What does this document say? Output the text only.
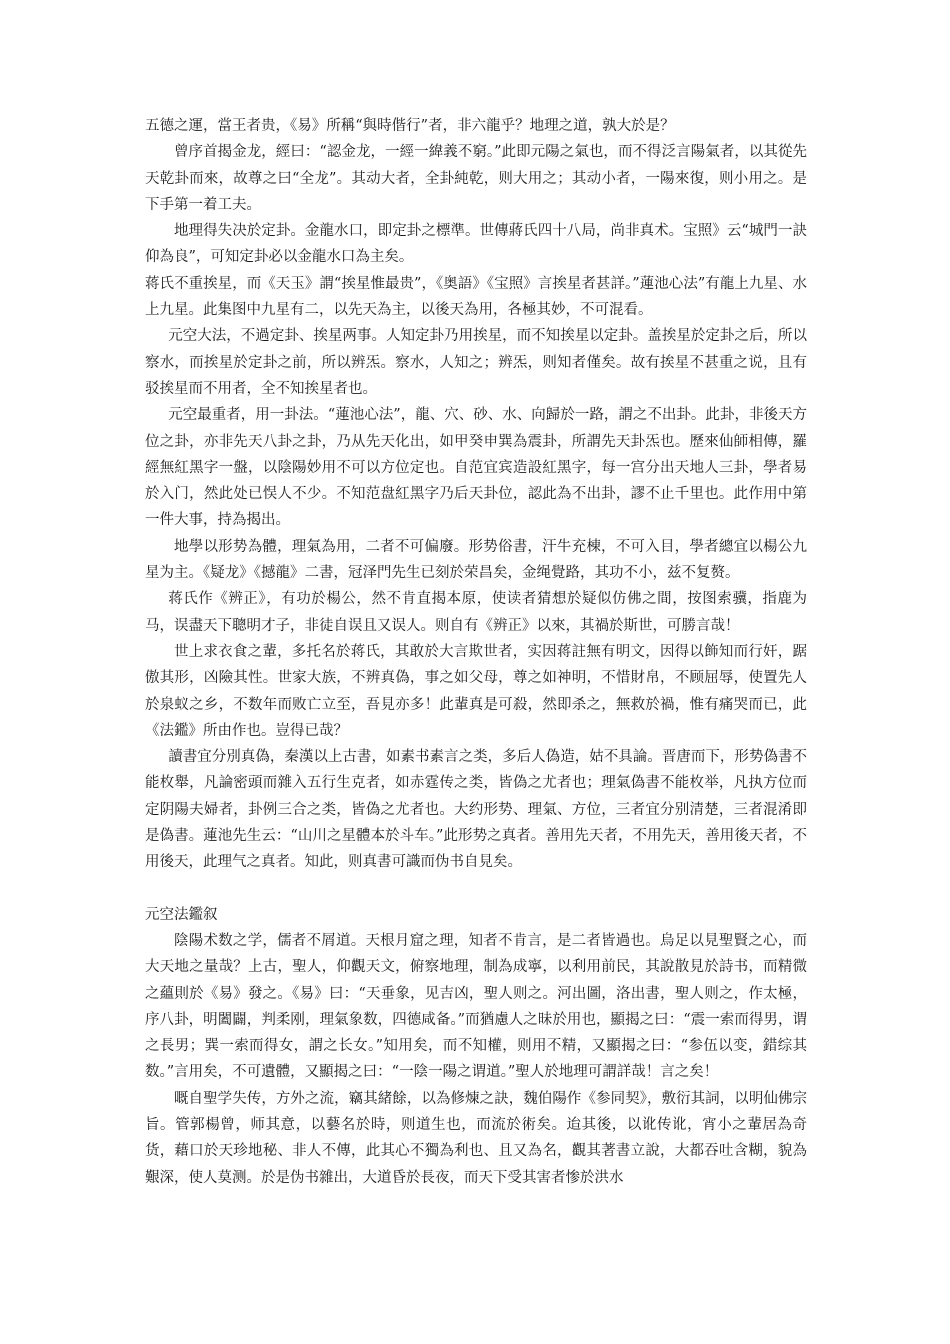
五德之運，當王者贵，《易》所稱“與時偕行”者，非六龍乎？地理之道，孰大於是？

曾序首揭金龙，經曰：“認金龙，一經一緯義不窮。”此即元陽之氣也，而不得泛言陽氣者，以其從先天乾卦而來，故尊之曰“全龙”。其动大者，全卦純乾，则大用之；其动小者，一陽來復，则小用之。是下手第一着工夫。

地理得失决於定卦。金龍水口，即定卦之標準。世傳蔣氏四十八局，尚非真术。宝照》云“城門一訣仰為良”，可知定卦必以金龍水口為主矣。

蒋氏不重挨星，而《天玉》謂“挨星惟最贵”，《奥語》《宝照》言挨星者甚詳。”蓮池心法”有龍上九星、水上九星。此集图中九星有二，以先天為主，以後天為用，各極其妙，不可混看。

元空大法，不過定卦、挨星两事。人知定卦乃用挨星，而不知挨星以定卦。盖挨星於定卦之后，所以察水，而挨星於定卦之前，所以辨炁。察水，人知之；辨炁，则知者僅矣。故有挨星不甚重之说，且有驳挨星而不用者，全不知挨星者也。

元空最重者，用一卦法。“蓮池心法”，龍、穴、砂、水、向歸於一路，謂之不出卦。此卦，非後天方位之卦，亦非先天八卦之卦，乃从先天化出，如甲癸申巽為震卦，所謂先天卦炁也。歷來仙師相傳，羅經無紅黑字一盤，以陰陽妙用不可以方位定也。自范宜宾造設紅黑字，每一宫分出天地人三卦，學者易於入门，然此处已悮人不少。不知范盘紅黑字乃后天卦位，認此為不出卦，謬不止千里也。此作用中第一件大事，持為揭出。

地學以形势為體，理氣為用，二者不可偏廢。形势俗書，汗牛充棟，不可入目，學者總宜以楊公九星为主。《疑龙》《撼龍》二書，冠泽門先生已刻於荣昌矣，金绳覺路，其功不小，兹不复赘。

蒋氏作《辨正》，有功於楊公，然不肯直揭本原，使读者猜想於疑似仿佛之間，按图索骥，指鹿为马，误盡天下聰明才子，非徒自误且又误人。则自有《辨正》以來，其禍於斯世，可勝言哉！

世上求衣食之輩，多托名於蒋氏，其敢於大言欺世者，实因蒋註無有明文，因得以飾知而行奸，踞傲其形，凶險其性。世家大族，不辨真偽，事之如父母，尊之如神明，不惜財帛，不顾屈辱，使置先人於泉蚁之乡，不数年而败亡立至，吾見亦多！此輩真是可殺，然即杀之，無救於禍，惟有痛哭而已，此《法鑑》所由作也。豈得已哉？

讀書宜分別真偽，秦漢以上古書，如素书素言之类，多后人偽造，姑不具論。晋唐而下，形势偽書不能枚舉，凡論密頭而雜入五行生克者，如赤霆传之类，皆偽之尤者也；理氣偽書不能枚举，凡执方位而定阴陽夫婦者，卦例三合之类，皆偽之尤者也。大约形势、理氣、方位，三者宜分别清楚，三者混淆即是偽書。蓮池先生云：“山川之星體本於斗车。”此形势之真者。善用先天者，不用先天，善用後天者，不用後天，此理气之真者。知此，则真書可識而伪书自見矣。

元空法鑑叙

陰陽术数之学，儒者不屑道。天根月窟之理，知者不肯言，是二者皆過也。烏足以見聖賢之心，而大天地之量哉？上古，聖人，仰觀天文，俯察地理，制為成寧，以利用前民，其說散見於詩书，而精微之蘊則於《易》發之。《易》曰：“天垂象，见吉凶，聖人则之。河出圖，洛出書，聖人则之，作太極，序八卦，明闔闢，判柔刚，理氣象数，四德咸备。”而猶慮人之昧於用也，顯揭之曰：“震一索而得男，谓之長男；巽一索而得女，謂之长女。”知用矣，而不知權，则用不精，又顯揭之曰：“参伍以变，錯综其数。”言用矣，不可遺體，又顯揭之曰：“一陰一陽之谓道。”聖人於地理可謂詳哉！言之矣！

嘅自聖学失传，方外之流，竊其緒餘，以為修煉之訣，魏伯陽作《参同契》，敷衍其詞，以明仙佛宗旨。管郭楊曾，师其意，以藝名於時，则道生也，而流於術矣。迨其後，以讹传讹，宵小之輩居為奇货，藉口於天珍地秘、非人不傳，此其心不獨為利也、且又為名，觀其著書立說，大都吞吐含糊，貌為艱深，使人莫测。於是伪书雜出，大道昏於長夜，而天下受其害者惨於洪水
